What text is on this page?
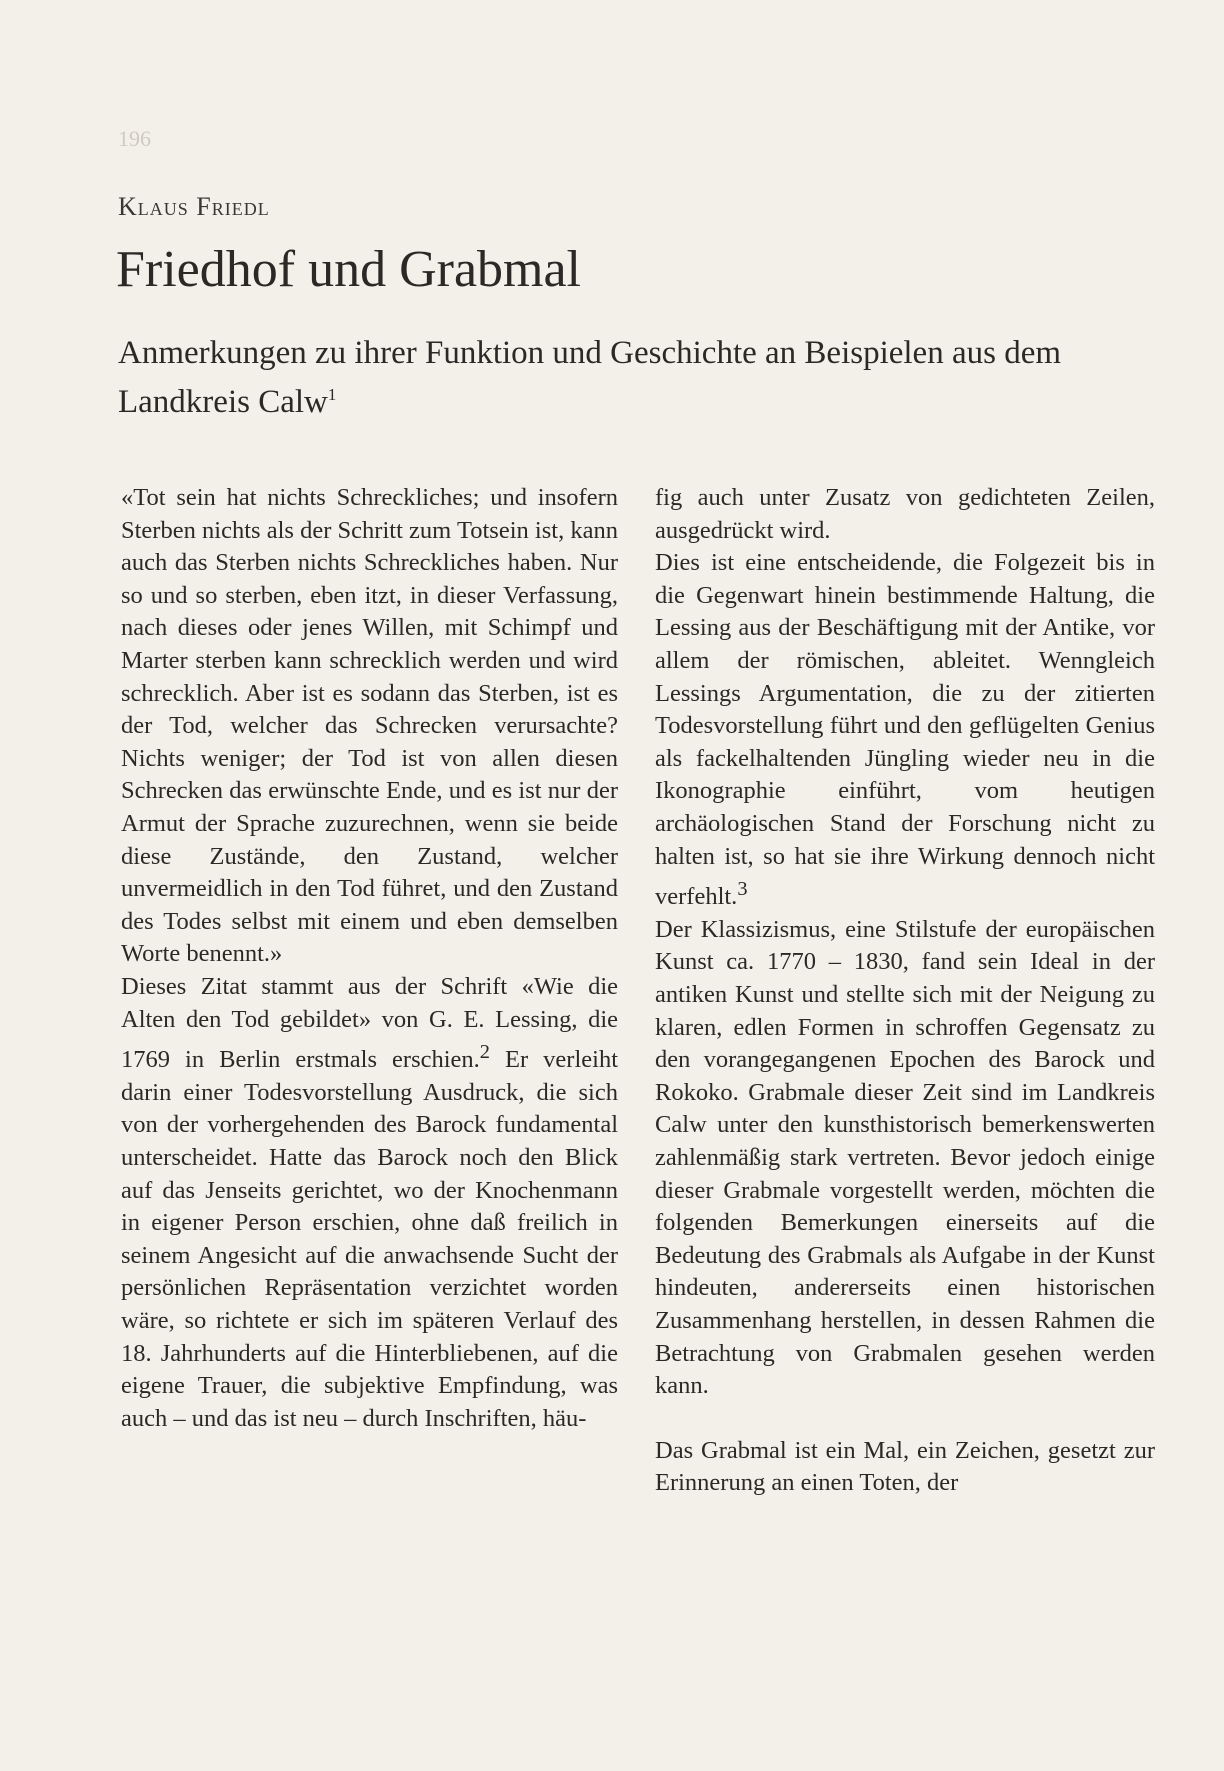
196
Klaus Friedl
Friedhof und Grabmal
Anmerkungen zu ihrer Funktion und Geschichte an Beispielen aus dem Landkreis Calw$^1$

«Tot sein hat nichts Schreckliches; und insofern Sterben nichts als der Schritt zum Totsein ist, kann auch das Sterben nichts Schreckliches haben. Nur so und so sterben, eben itzt, in dieser Verfassung, nach dieses oder jenes Willen, mit Schimpf und Marter sterben kann schrecklich werden und wird schrecklich. Aber ist es sodann das Sterben, ist es der Tod, welcher das Schrecken verursachte? Nichts weniger; der Tod ist von allen diesen Schrecken das erwünschte Ende, und es ist nur der Armut der Sprache zuzurechnen, wenn sie beide diese Zustände, den Zustand, welcher unvermeidlich in den Tod führet, und den Zustand des Todes selbst mit einem und eben demselben Worte benennt.»

Dieses Zitat stammt aus der Schrift «Wie die Alten den Tod gebildet» von G. E. Lessing, die 1769 in Berlin erstmals erschien.$^2$ Er verleiht darin einer Todesvorstellung Ausdruck, die sich von der vorhergehenden des Barock fundamental unterscheidet. Hatte das Barock noch den Blick auf das Jenseits gerichtet, wo der Knochenmann in eigener Person erschien, ohne daß freilich in seinem Angesicht auf die anwachsende Sucht der persönlichen Repräsentation verzichtet worden wäre, so richtete er sich im späteren Verlauf des 18. Jahrhunderts auf die Hinterbliebenen, auf die eigene Trauer, die subjektive Empfindung, was auch – und das ist neu – durch Inschriften, häu-

fig auch unter Zusatz von gedichteten Zeilen, ausgedrückt wird.

Dies ist eine entscheidende, die Folgezeit bis in die Gegenwart hinein bestimmende Haltung, die Lessing aus der Beschäftigung mit der Antike, vor allem der römischen, ableitet. Wenngleich Lessings Argumentation, die zu der zitierten Todesvorstellung führt und den geflügelten Genius als fackelhaltenden Jüngling wieder neu in die Ikonographie einführt, vom heutigen archäologischen Stand der Forschung nicht zu halten ist, so hat sie ihre Wirkung dennoch nicht verfehlt.$^3$

Der Klassizismus, eine Stilstufe der europäischen Kunst ca. 1770 – 1830, fand sein Ideal in der antiken Kunst und stellte sich mit der Neigung zu klaren, edlen Formen in schroffen Gegensatz zu den vorangegangenen Epochen des Barock und Rokoko. Grabmale dieser Zeit sind im Landkreis Calw unter den kunsthistorisch bemerkenswerten zahlenmäßig stark vertreten. Bevor jedoch einige dieser Grabmale vorgestellt werden, möchten die folgenden Bemerkungen einerseits auf die Bedeutung des Grabmals als Aufgabe in der Kunst hindeuten, andererseits einen historischen Zusammenhang herstellen, in dessen Rahmen die Betrachtung von Grabmalen gesehen werden kann.

Das Grabmal ist ein Mal, ein Zeichen, gesetzt zur Erinnerung an einen Toten, der
